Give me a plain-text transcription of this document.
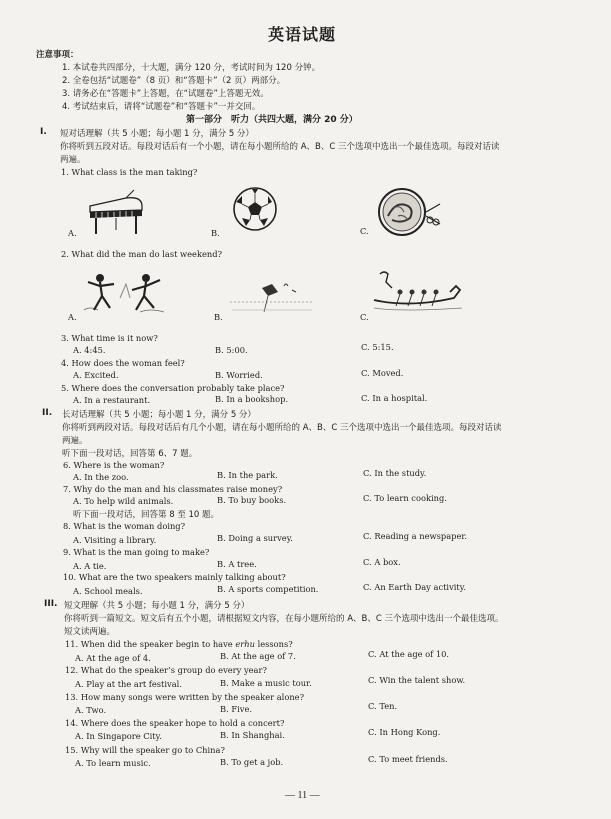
英语试题
注意事项：
1. 本试卷共四部分，十大题，满分 120 分，考试时间为 120 分钟。
2. 全卷包括“试题卷”（8 页）和“答题卡”（2 页）两部分。
3. 请务必在“答题卡”上答题，在“试题卷”上答题无效。
4. 考试结束后，请将“试题卷”和“答题卡”一并交回。
第一部分　听力（共四大题，满分 20 分）
I. 短对话理解（共 5 小题；每小题 1 分，满分 5 分）
你将听到五段对话。每段对话后有一个小题，请在每小题所给的 A、B、C 三个选项中选出一个最佳选项。每段对话读
两遍。
1. What class is the man taking?
A.	B.	C.
2. What did the man do last weekend?
A.	B.	C.
3. What time is it now?
A. 4:45.	B. 5:00.	C. 5:15.
4. How does the woman feel?
A. Excited.	B. Worried.	C. Moved.
5. Where does the conversation probably take place?
A. In a restaurant.	B. In a bookshop.	C. In a hospital.
II. 长对话理解（共 5 小题；每小题 1 分，满分 5 分）
你将听到两段对话。每段对话后有几个小题，请在每小题所给的 A、B、C 三个选项中选出一个最佳选项。每段对话读
两遍。
听下面一段对话，回答第 6、7 题。
6. Where is the woman?
A. In the zoo.	B. In the park.	C. In the study.
7. Why do the man and his classmates raise money?
A. To help wild animals.	B. To buy books.	C. To learn cooking.
听下面一段对话，回答第 8 至 10 题。
8. What is the woman doing?
A. Visiting a library.	B. Doing a survey.	C. Reading a newspaper.
9. What is the man going to make?
A. A tie.	B. A tree.	C. A box.
10. What are the two speakers mainly talking about?
A. School meals.	B. A sports competition.	C. An Earth Day activity.
III. 短文理解（共 5 小题；每小题 1 分，满分 5 分）
你将听到一篇短文。短文后有五个小题，请根据短文内容，在每小题所给的 A、B、C 三个选项中选出一个最佳选项。
短文读两遍。
11. When did the speaker begin to have erhu lessons?
A. At the age of 4.	B. At the age of 7.	C. At the age of 10.
12. What do the speaker’s group do every year?
A. Play at the art festival.	B. Make a music tour.	C. Win the talent show.
13. How many songs were written by the speaker alone?
A. Two.	B. Five.	C. Ten.
14. Where does the speaker hope to hold a concert?
A. In Singapore City.	B. In Shanghai.	C. In Hong Kong.
15. Why will the speaker go to China?
A. To learn music.	B. To get a job.	C. To meet friends.
— 11 —
